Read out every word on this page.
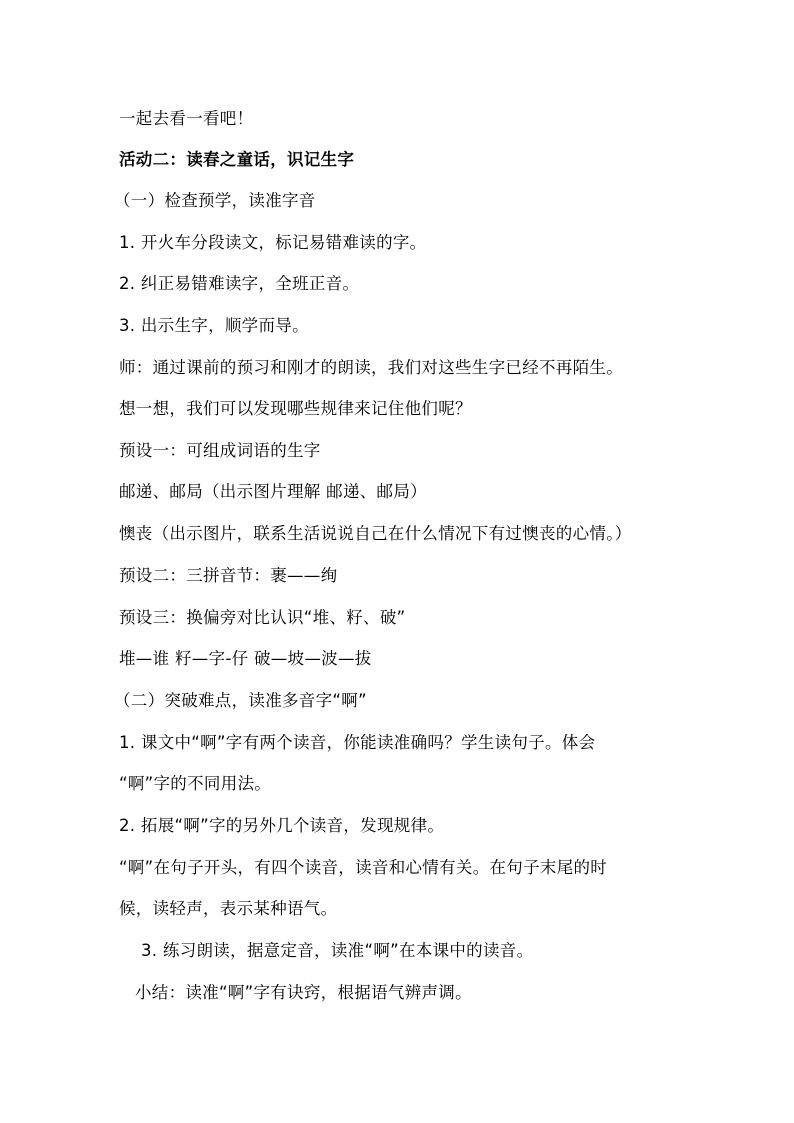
一起去看一看吧！
活动二：读春之童话，识记生字
（一）检查预学，读准字音
1. 开火车分段读文，标记易错难读的字。
2. 纠正易错难读字，全班正音。
3. 出示生字，顺学而导。
师：通过课前的预习和刚才的朗读，我们对这些生字已经不再陌生。
想一想，我们可以发现哪些规律来记住他们呢？
预设一：可组成词语的生字
邮递、邮局（出示图片理解 邮递、邮局）
懊丧（出示图片，联系生活说说自己在什么情况下有过懊丧的心情。）
预设二：三拼音节：裹——绚
预设三：换偏旁对比认识“堆、籽、破”
堆—谁 籽—字-仔 破—坡—波—拔
（二）突破难点，读准多音字“啊”
1. 课文中“啊”字有两个读音，你能读准确吗？学生读句子。体会
“啊”字的不同用法。
2. 拓展“啊”字的另外几个读音，发现规律。
“啊”在句子开头，有四个读音，读音和心情有关。在句子末尾的时
候，读轻声，表示某种语气。
3. 练习朗读，据意定音，读准“啊”在本课中的读音。
小结：读准“啊”字有诀窍，根据语气辨声调。
